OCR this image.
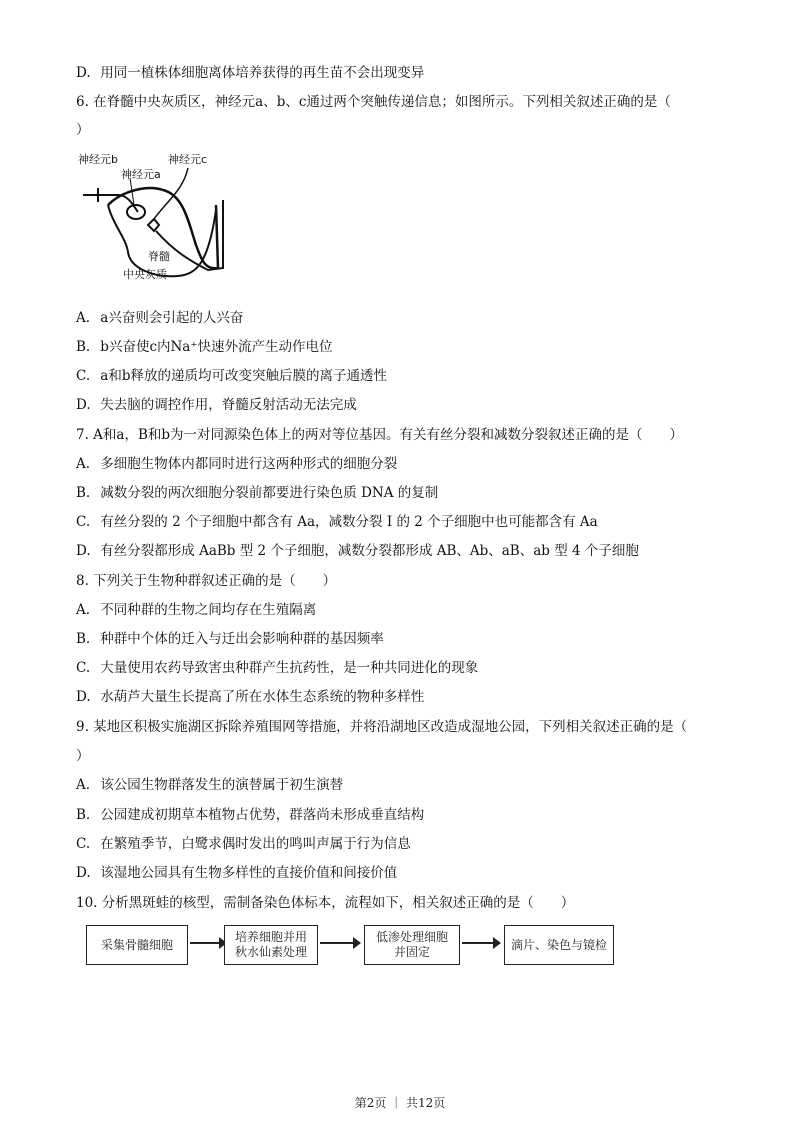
D. 用同一植株体细胞离体培养获得的再生苗不会出现变异
6. 在脊髓中央灰质区，神经元a、b、c通过两个突触传递信息；如图所示。下列相关叙述正确的是（
）
神经元b	神经元c
神经元a
脊髓
中央灰质
A. a兴奋则会引起的人兴奋
B. b兴奋使c内Na⁺快速外流产生动作电位
C. a和b释放的递质均可改变突触后膜的离子通透性
D. 失去脑的调控作用，脊髓反射活动无法完成
7. A和a，B和b为一对同源染色体上的两对等位基因。有关有丝分裂和减数分裂叙述正确的是（　　）
A. 多细胞生物体内都同时进行这两种形式的细胞分裂
B. 减数分裂的两次细胞分裂前都要进行染色质 DNA 的复制
C. 有丝分裂的 2 个子细胞中都含有 Aa，减数分裂 Ⅰ 的 2 个子细胞中也可能都含有 Aa
D. 有丝分裂都形成 AaBb 型 2 个子细胞，减数分裂都形成 AB、Ab、aB、ab 型 4 个子细胞
8. 下列关于生物种群叙述正确的是（　　）
A. 不同种群的生物之间均存在生殖隔离
B. 种群中个体的迁入与迁出会影响种群的基因频率
C. 大量使用农药导致害虫种群产生抗药性，是一种共同进化的现象
D. 水葫芦大量生长提高了所在水体生态系统的物种多样性
9. 某地区积极实施湖区拆除养殖围网等措施，并将沿湖地区改造成湿地公园，下列相关叙述正确的是（
）
A. 该公园生物群落发生的演替属于初生演替
B. 公园建成初期草本植物占优势，群落尚未形成垂直结构
C. 在繁殖季节，白鹭求偶时发出的鸣叫声属于行为信息
D. 该湿地公园具有生物多样性的直接价值和间接价值
10. 分析黑斑蛙的核型，需制备染色体标本，流程如下，相关叙述正确的是（　　）
采集骨髓细胞
培养细胞并用
秋水仙素处理
低渗处理细胞
并固定
滴片、染色与镜检
第2页 ｜ 共12页
